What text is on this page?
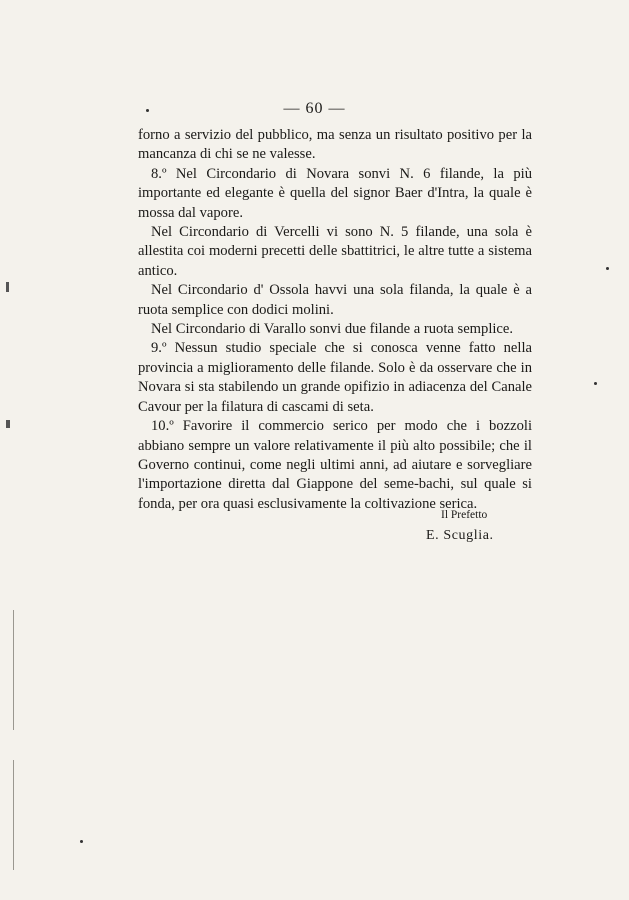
— 60 —

forno a servizio del pubblico, ma senza un risultato positivo per la mancanza di chi se ne valesse.

8.º Nel Circondario di Novara sonvi N. 6 filande, la più importante ed elegante è quella del signor Baer d'Intra, la quale è mossa dal vapore.

Nel Circondario di Vercelli vi sono N. 5 filande, una sola è allestita coi moderni precetti delle sbattitrici, le altre tutte a sistema antico.

Nel Circondario d' Ossola havvi una sola filanda, la quale è a ruota semplice con dodici molini.

Nel Circondario di Varallo sonvi due filande a ruota semplice.

9.º Nessun studio speciale che si conosca venne fatto nella provincia a miglioramento delle filande. Solo è da osservare che in Novara si sta stabilendo un grande opifizio in adiacenza del Canale Cavour per la filatura di cascami di seta.

10.º Favorire il commercio serico per modo che i bozzoli abbiano sempre un valore relativamente il più alto possibile; che il Governo continui, come negli ultimi anni, ad aiutare e sorvegliare l'importazione diretta dal Giappone del seme-bachi, sul quale si fonda, per ora quasi esclusivamente la coltivazione serica.

Il Prefetto
E. Scuglia.
